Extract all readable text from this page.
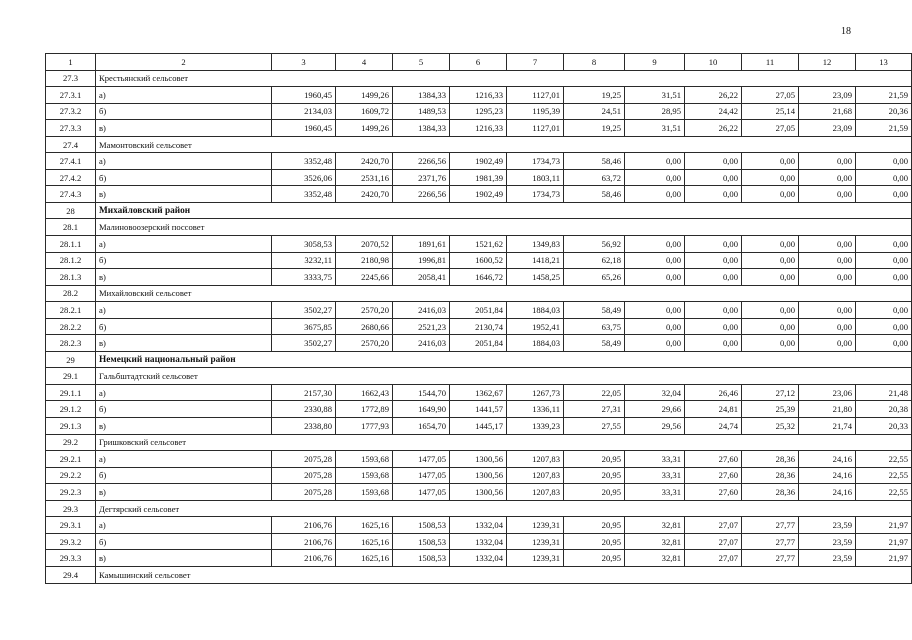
18
1	2	3	4	5	6	7	8	9	10	11	12	13
27.3	Крестьянский сельсовет											
27.3.1	а)	1960,45	1499,26	1384,33	1216,33	1127,01	19,25	31,51	26,22	27,05	23,09	21,59
27.3.2	б)	2134,03	1609,72	1489,53	1295,23	1195,39	24,51	28,95	24,42	25,14	21,68	20,36
27.3.3	в)	1960,45	1499,26	1384,33	1216,33	1127,01	19,25	31,51	26,22	27,05	23,09	21,59
27.4	Мамонтовский сельсовет											
27.4.1	а)	3352,48	2420,70	2266,56	1902,49	1734,73	58,46	0,00	0,00	0,00	0,00	0,00
27.4.2	б)	3526,06	2531,16	2371,76	1981,39	1803,11	63,72	0,00	0,00	0,00	0,00	0,00
27.4.3	в)	3352,48	2420,70	2266,56	1902,49	1734,73	58,46	0,00	0,00	0,00	0,00	0,00
28	Михайловский район											
28.1	Малиновоозерский поссовет											
28.1.1	а)	3058,53	2070,52	1891,61	1521,62	1349,83	56,92	0,00	0,00	0,00	0,00	0,00
28.1.2	б)	3232,11	2180,98	1996,81	1600,52	1418,21	62,18	0,00	0,00	0,00	0,00	0,00
28.1.3	в)	3333,75	2245,66	2058,41	1646,72	1458,25	65,26	0,00	0,00	0,00	0,00	0,00
28.2	Михайловский сельсовет											
28.2.1	а)	3502,27	2570,20	2416,03	2051,84	1884,03	58,49	0,00	0,00	0,00	0,00	0,00
28.2.2	б)	3675,85	2680,66	2521,23	2130,74	1952,41	63,75	0,00	0,00	0,00	0,00	0,00
28.2.3	в)	3502,27	2570,20	2416,03	2051,84	1884,03	58,49	0,00	0,00	0,00	0,00	0,00
29	Немецкий национальный район											
29.1	Гальбштадтский сельсовет											
29.1.1	а)	2157,30	1662,43	1544,70	1362,67	1267,73	22,05	32,04	26,46	27,12	23,06	21,48
29.1.2	б)	2330,88	1772,89	1649,90	1441,57	1336,11	27,31	29,66	24,81	25,39	21,80	20,38
29.1.3	в)	2338,80	1777,93	1654,70	1445,17	1339,23	27,55	29,56	24,74	25,32	21,74	20,33
29.2	Гришковский сельсовет											
29.2.1	а)	2075,28	1593,68	1477,05	1300,56	1207,83	20,95	33,31	27,60	28,36	24,16	22,55
29.2.2	б)	2075,28	1593,68	1477,05	1300,56	1207,83	20,95	33,31	27,60	28,36	24,16	22,55
29.2.3	в)	2075,28	1593,68	1477,05	1300,56	1207,83	20,95	33,31	27,60	28,36	24,16	22,55
29.3	Дегтярский сельсовет											
29.3.1	а)	2106,76	1625,16	1508,53	1332,04	1239,31	20,95	32,81	27,07	27,77	23,59	21,97
29.3.2	б)	2106,76	1625,16	1508,53	1332,04	1239,31	20,95	32,81	27,07	27,77	23,59	21,97
29.3.3	в)	2106,76	1625,16	1508,53	1332,04	1239,31	20,95	32,81	27,07	27,77	23,59	21,97
29.4	Камышинский сельсовет											
